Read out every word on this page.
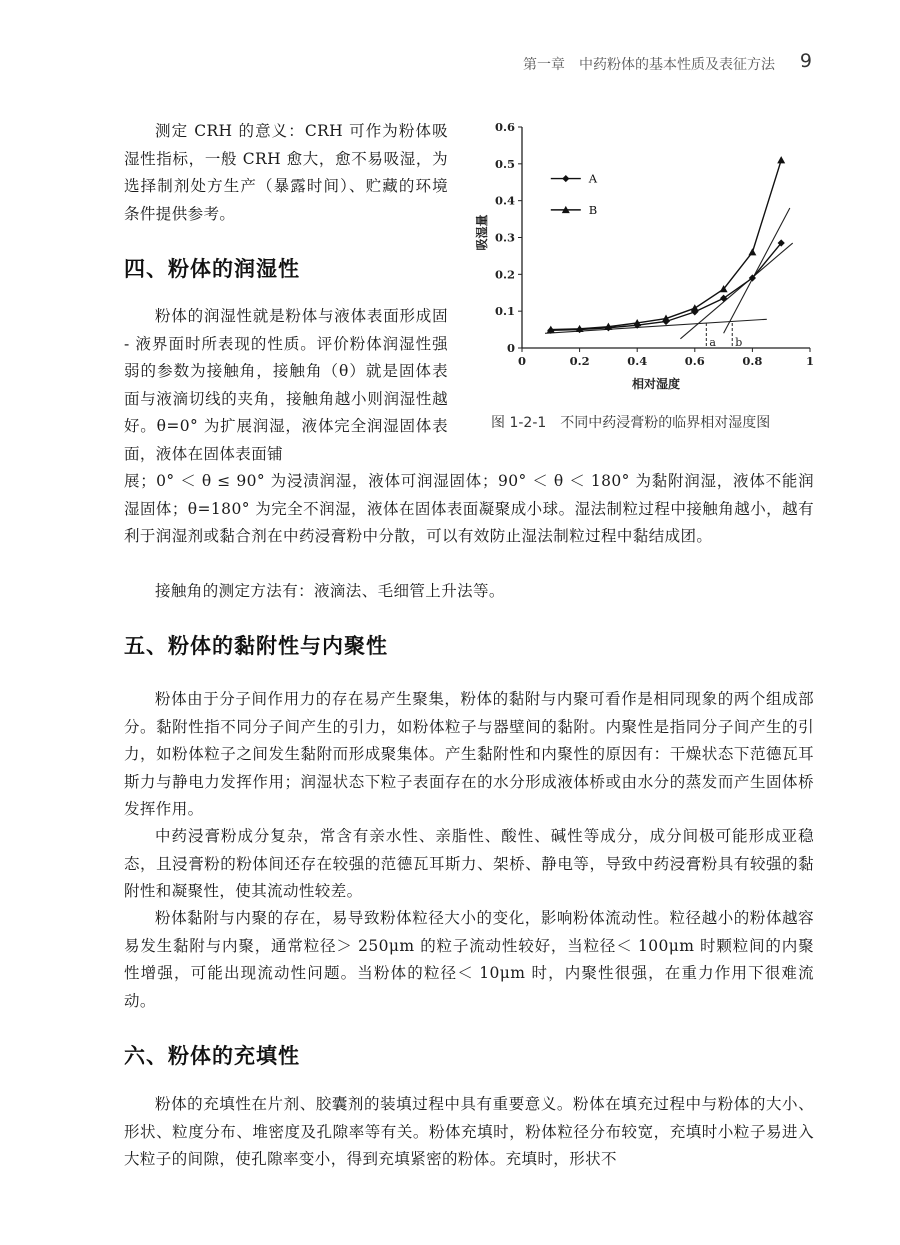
第一章　中药粉体的基本性质及表征方法 9

测定 CRH 的意义：CRH 可作为粉体吸湿性指标，一般 CRH 愈大，愈不易吸湿，为选择制剂处方生产（暴露时间）、贮藏的环境条件提供参考。

四、粉体的润湿性

粉体的润湿性就是粉体与液体表面形成固 - 液界面时所表现的性质。评价粉体润湿性强弱的参数为接触角，接触角（θ）就是固体表面与液滴切线的夹角，接触角越小则润湿性越好。θ=0° 为扩展润湿，液体完全润湿固体表面，液体在固体表面铺

展；0° ＜ θ ≤ 90° 为浸渍润湿，液体可润湿固体；90° ＜ θ ＜ 180° 为黏附润湿，液体不能润湿固体；θ=180° 为完全不润湿，液体在固体表面凝聚成小球。湿法制粒过程中接触角越小，越有利于润湿剂或黏合剂在中药浸膏粉中分散，可以有效防止湿法制粒过程中黏结成团。

接触角的测定方法有：液滴法、毛细管上升法等。

五、粉体的黏附性与内聚性

粉体由于分子间作用力的存在易产生聚集，粉体的黏附与内聚可看作是相同现象的两个组成部分。黏附性指不同分子间产生的引力，如粉体粒子与器壁间的黏附。内聚性是指同分子间产生的引力，如粉体粒子之间发生黏附而形成聚集体。产生黏附性和内聚性的原因有：干燥状态下范德瓦耳斯力与静电力发挥作用；润湿状态下粒子表面存在的水分形成液体桥或由水分的蒸发而产生固体桥发挥作用。

中药浸膏粉成分复杂，常含有亲水性、亲脂性、酸性、碱性等成分，成分间极可能形成亚稳态，且浸膏粉的粉体间还存在较强的范德瓦耳斯力、架桥、静电等，导致中药浸膏粉具有较强的黏附性和凝聚性，使其流动性较差。

粉体黏附与内聚的存在，易导致粉体粒径大小的变化，影响粉体流动性。粒径越小的粉体越容易发生黏附与内聚，通常粒径＞ 250μm 的粒子流动性较好，当粒径＜ 100μm 时颗粒间的内聚性增强，可能出现流动性问题。当粉体的粒径＜ 10μm 时，内聚性很强，在重力作用下很难流动。

六、粉体的充填性

粉体的充填性在片剂、胶囊剂的装填过程中具有重要意义。粉体在填充过程中与粉体的大小、形状、粒度分布、堆密度及孔隙率等有关。粉体充填时，粉体粒径分布较宽，充填时小粒子易进入大粒子的间隙，使孔隙率变小，得到充填紧密的粉体。充填时，形状不

0
0.1
0.2
0.3
0.4
0.5
0.6
0	0.2	0.4	0.6	0.8	1
相对湿度
吸湿量
a b
A
B
图 1-2-1　不同中药浸膏粉的临界相对湿度图
